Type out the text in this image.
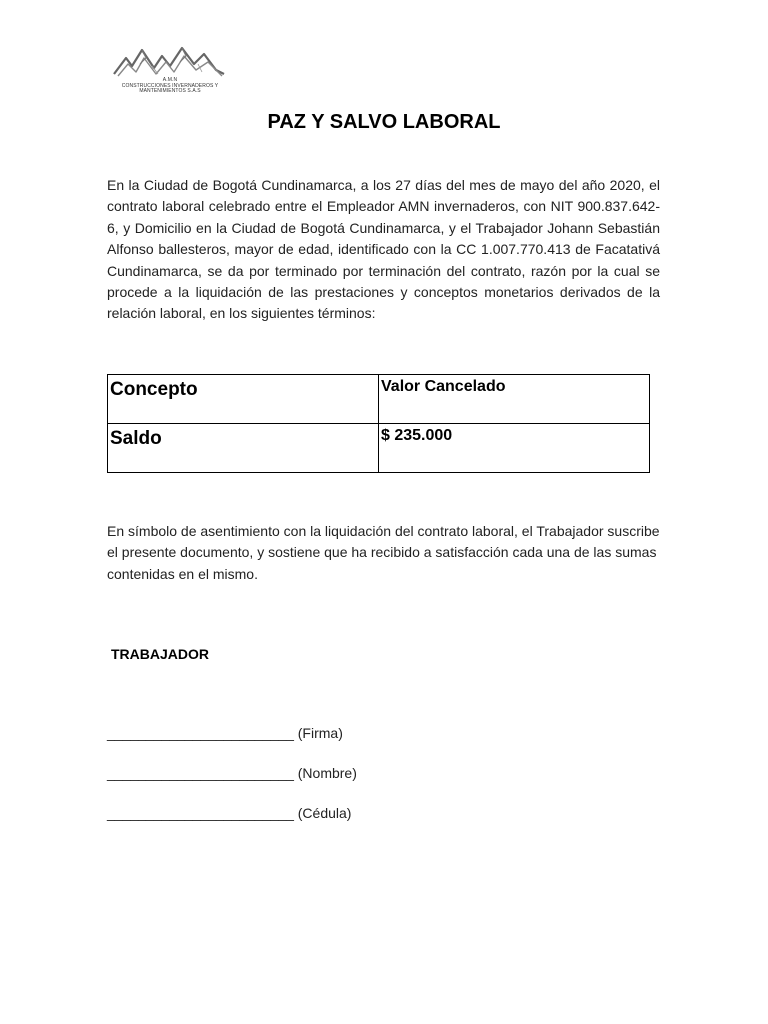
A.M.N
CONSTRUCCIONES INVERNADEROS Y
MANTENIMIENTOS S.A.S
PAZ Y SALVO LABORAL
En la Ciudad de Bogotá Cundinamarca, a los 27 días del mes de mayo del año 2020, el contrato laboral celebrado entre el Empleador AMN invernaderos, con NIT 900.837.642-6, y Domicilio en la Ciudad de Bogotá Cundinamarca, y el Trabajador Johann Sebastián Alfonso ballesteros, mayor de edad, identificado con la CC 1.007.770.413 de Facatativá Cundinamarca, se da por terminado por terminación del contrato, razón por la cual se procede a la liquidación de las prestaciones y conceptos monetarios derivados de la relación laboral, en los siguientes términos:
Concepto	Valor Cancelado
Saldo	$ 235.000
En símbolo de asentimiento con la liquidación del contrato laboral, el Trabajador suscribe el presente documento, y sostiene que ha recibido a satisfacción cada una de las sumas contenidas en el mismo.
TRABAJADOR
________________________ (Firma)
________________________ (Nombre)
________________________ (Cédula)
